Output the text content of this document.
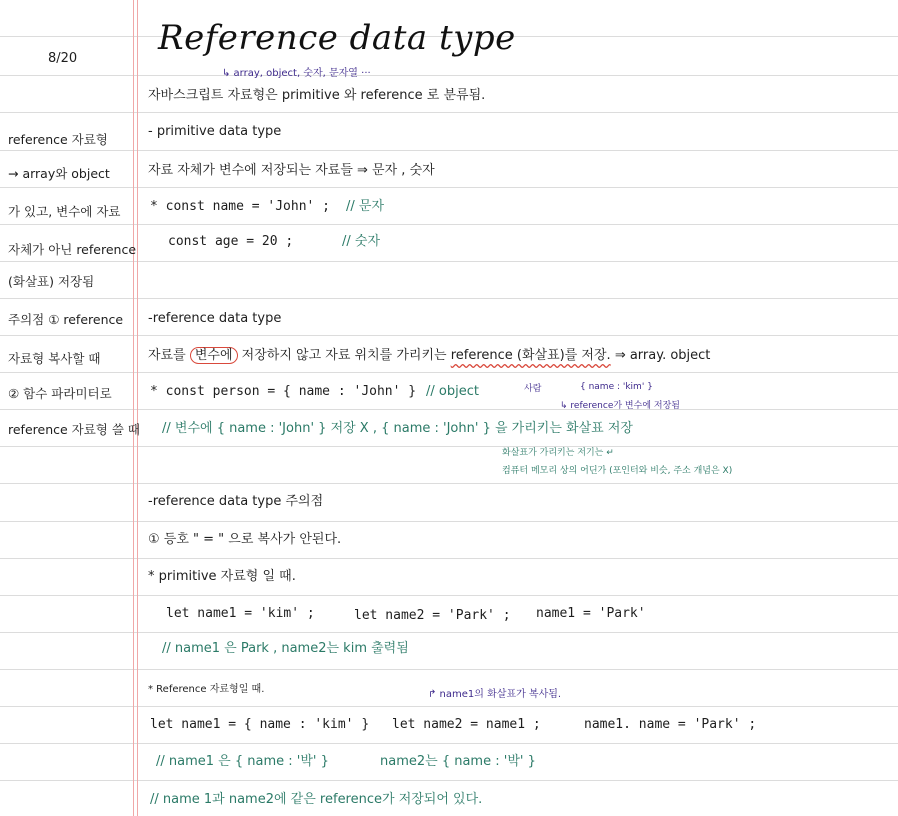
8/20
Reference data type
reference 자료형
→ array와 object
가 있고, 변수에 자료
자체가 아닌 reference
(화살표) 저장됨
주의점 ① reference
자료형 복사할 때
② 함수 파라미터로
reference 자료형 쓸 때
↳ array, object, 숫자, 문자열 ···
자바스크립트 자료형은 primitive 와 reference 로 분류됨.
- primitive data type
자료 자체가 변수에 저장되는 자료들 ⇒ 문자 , 숫자
* const name = 'John' ; // 문자
const age = 20 ;	// 숫자
-reference data type
자료를 변수에 저장하지 않고 자료 위치를 가리키는 reference (화살표)를 저장. ⇒ array. object
* const person = { name : 'John' } // object	사람	{ name : 'kim' }
↳ reference가 변수에 저장됨
// 변수에 { name : 'John' } 저장 X , { name : 'John' } 을 가리키는 화살표 저장
화살표가 가리키는 저기는 ↵
컴퓨터 메모리 상의 어딘가 (포인터와 비슷, 주소 개념은 X)
-reference data type 주의점
① 등호 " = " 으로 복사가 안된다.
* primitive 자료형 일 때.
let name1 = 'kim' ;	let name2 = 'Park' ; name1 = 'Park'
// name1 은 Park , name2는 kim 출력됨
* Reference 자료형일 때.	↱ name1의 화살표가 복사됨.
let name1 = { name : 'kim' } let name2 = name1 ;	name1. name = 'Park' ;
// name1 은 { name : '박' }	name2는 { name : '박' }
// name 1과 name2에 같은 reference가 저장되어 있다.
